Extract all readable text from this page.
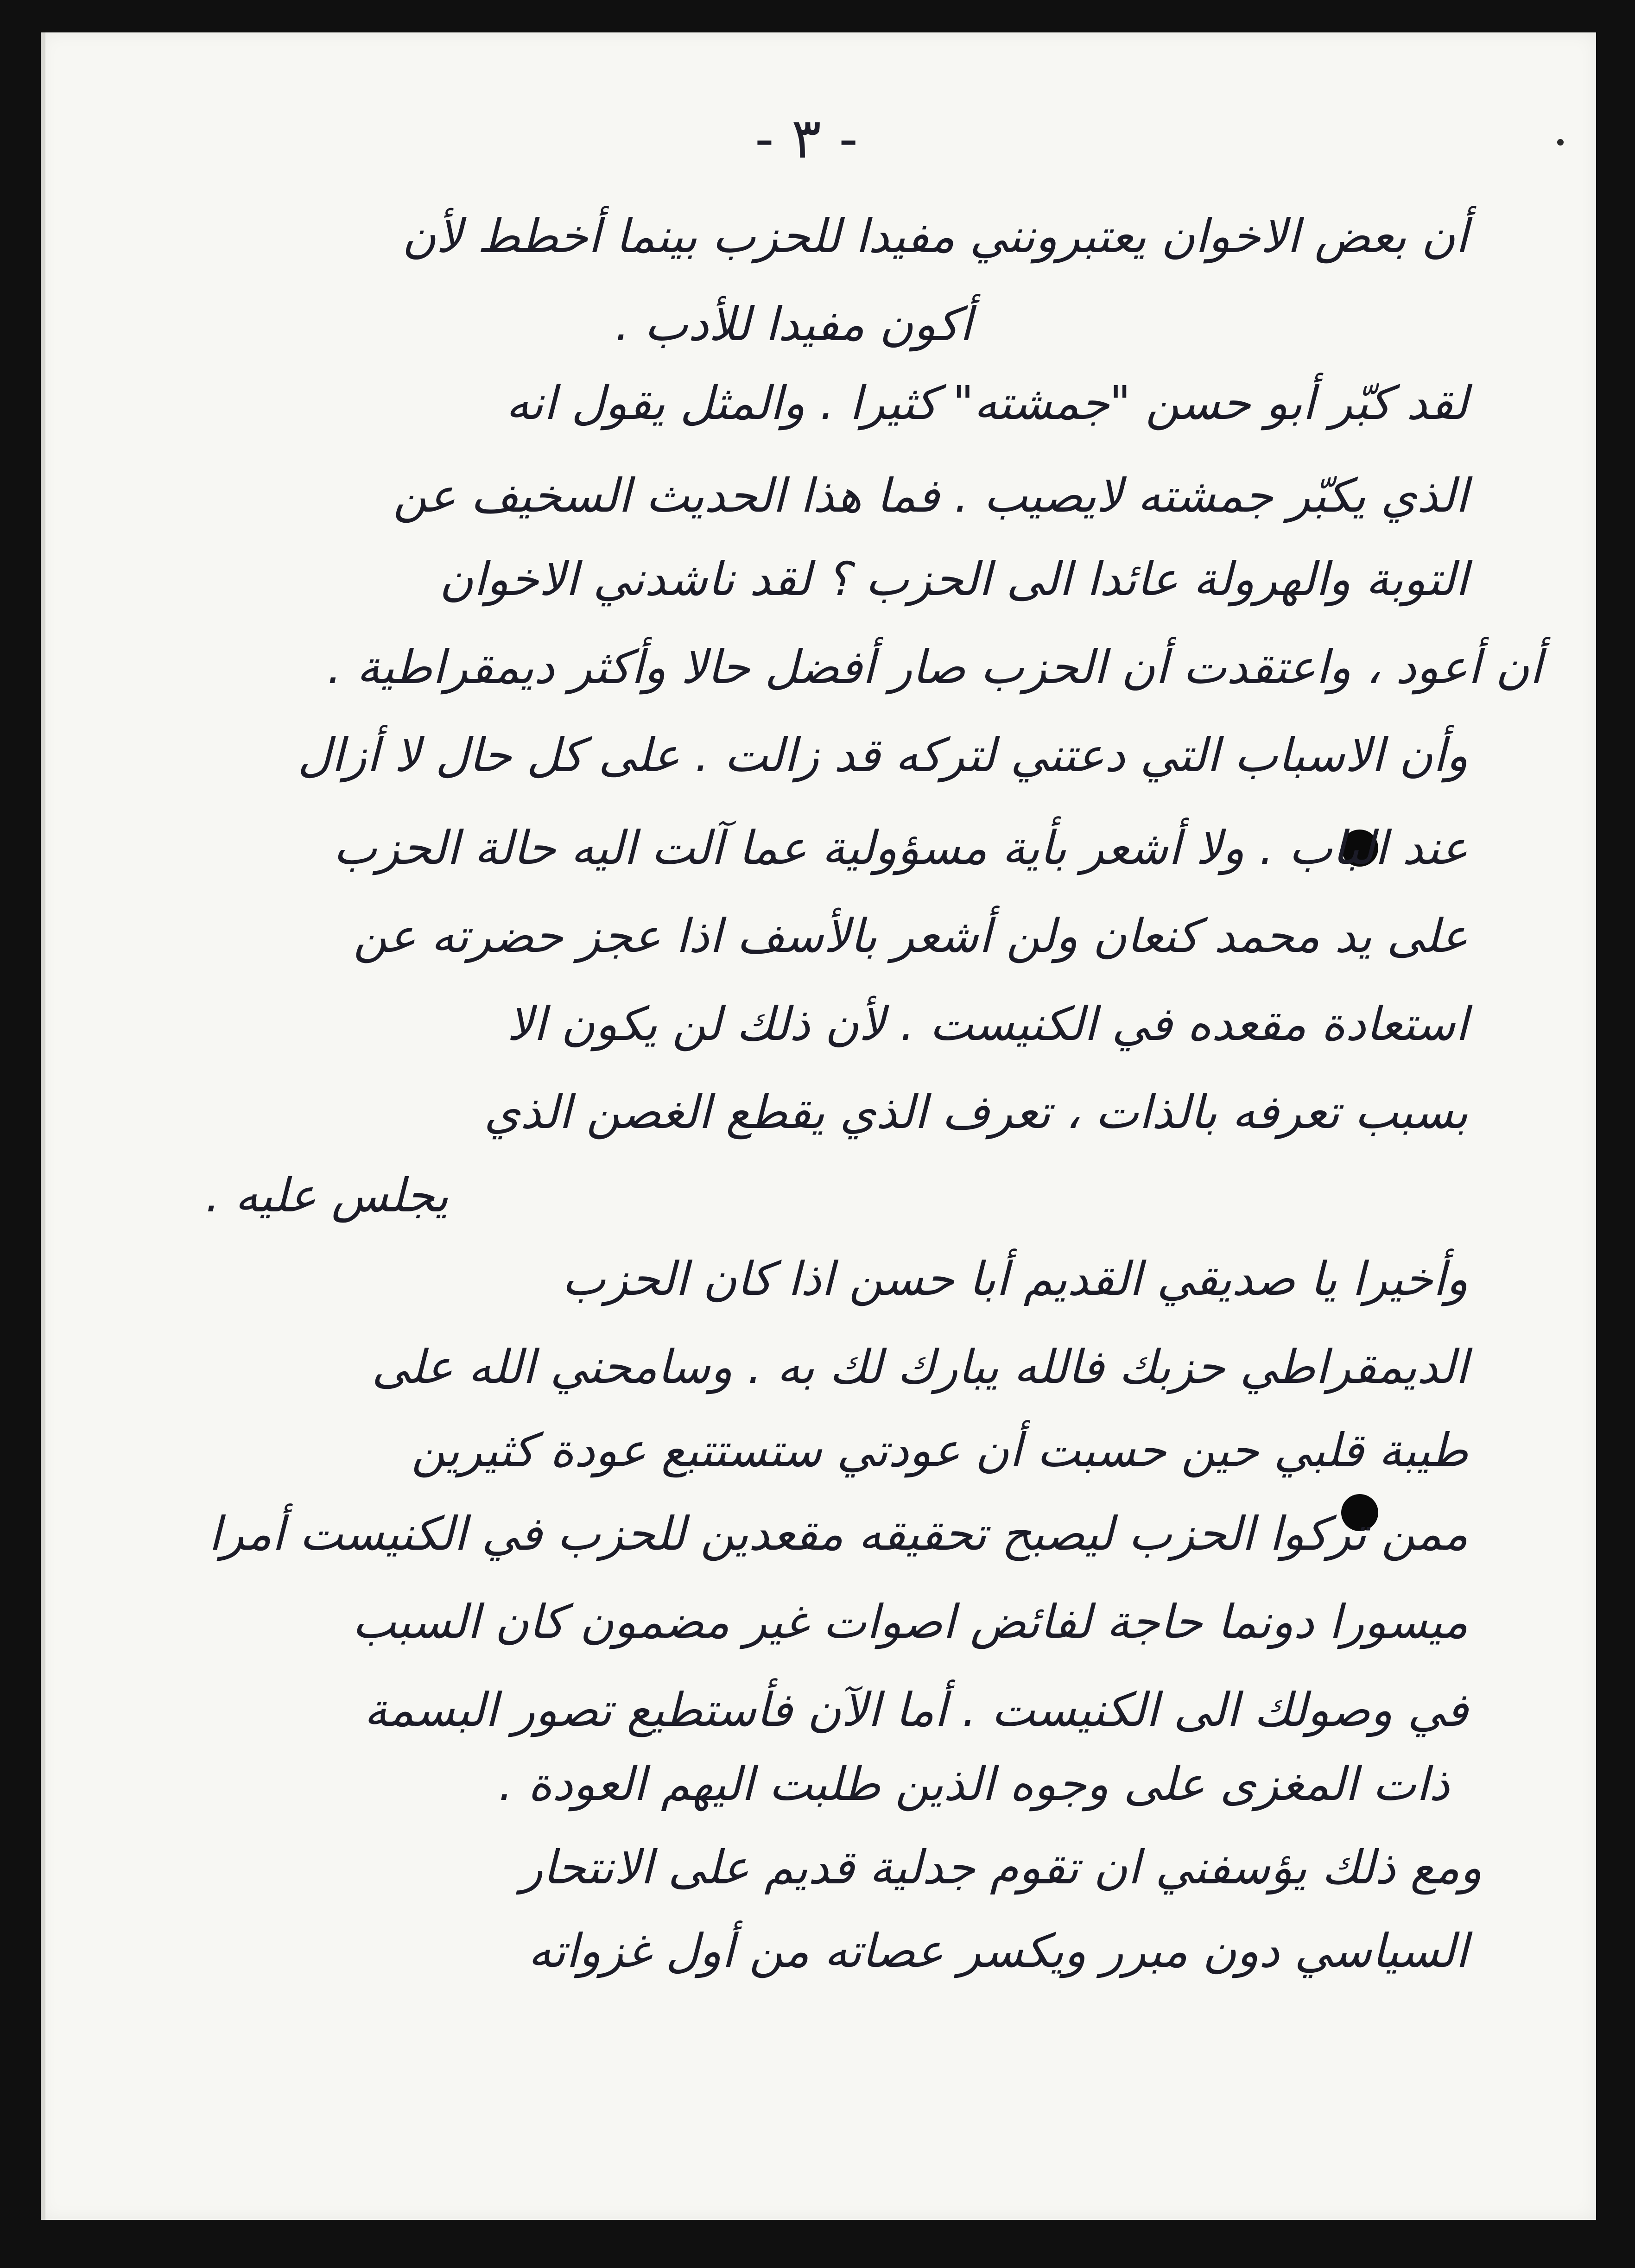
- ٣ -
أن بعض الاخوان يعتبرونني مفيدا للحزب بينما أخطط لأن
أكون مفيدا للأدب .
لقد كبّر أبو حسن "جمشته" كثيرا . والمثل يقول انه
الذي يكبّر جمشته لايصيب . فما هذا الحديث السخيف عن
التوبة والهرولة عائدا الى الحزب ؟ لقد ناشدني الاخوان
أن أعود ، واعتقدت أن الحزب صار أفضل حالا وأكثر ديمقراطية .
وأن الاسباب التي دعتني لتركه قد زالت . على كل حال لا أزال
عند الباب . ولا أشعر بأية مسؤولية عما آلت اليه حالة الحزب
على يد محمد كنعان ولن أشعر بالأسف اذا عجز حضرته عن
استعادة مقعده في الكنيست . لأن ذلك لن يكون الا
بسبب تعرفه بالذات ، تعرف الذي يقطع الغصن الذي
يجلس عليه .
وأخيرا يا صديقي القديم أبا حسن اذا كان الحزب
الديمقراطي حزبك فالله يبارك لك به . وسامحني الله على
طيبة قلبي حين حسبت أن عودتي ستستتبع عودة كثيرين
ممن تركوا الحزب ليصبح تحقيقه مقعدين للحزب في الكنيست أمرا
ميسورا دونما حاجة لفائض اصوات غير مضمون كان السبب
في وصولك الى الكنيست . أما الآن فأستطيع تصور البسمة
ذات المغزى على وجوه الذين طلبت اليهم العودة .
ومع ذلك يؤسفني ان تقوم جدلية قديم على الانتحار
السياسي دون مبرر ويكسر عصاته من أول غزواته
